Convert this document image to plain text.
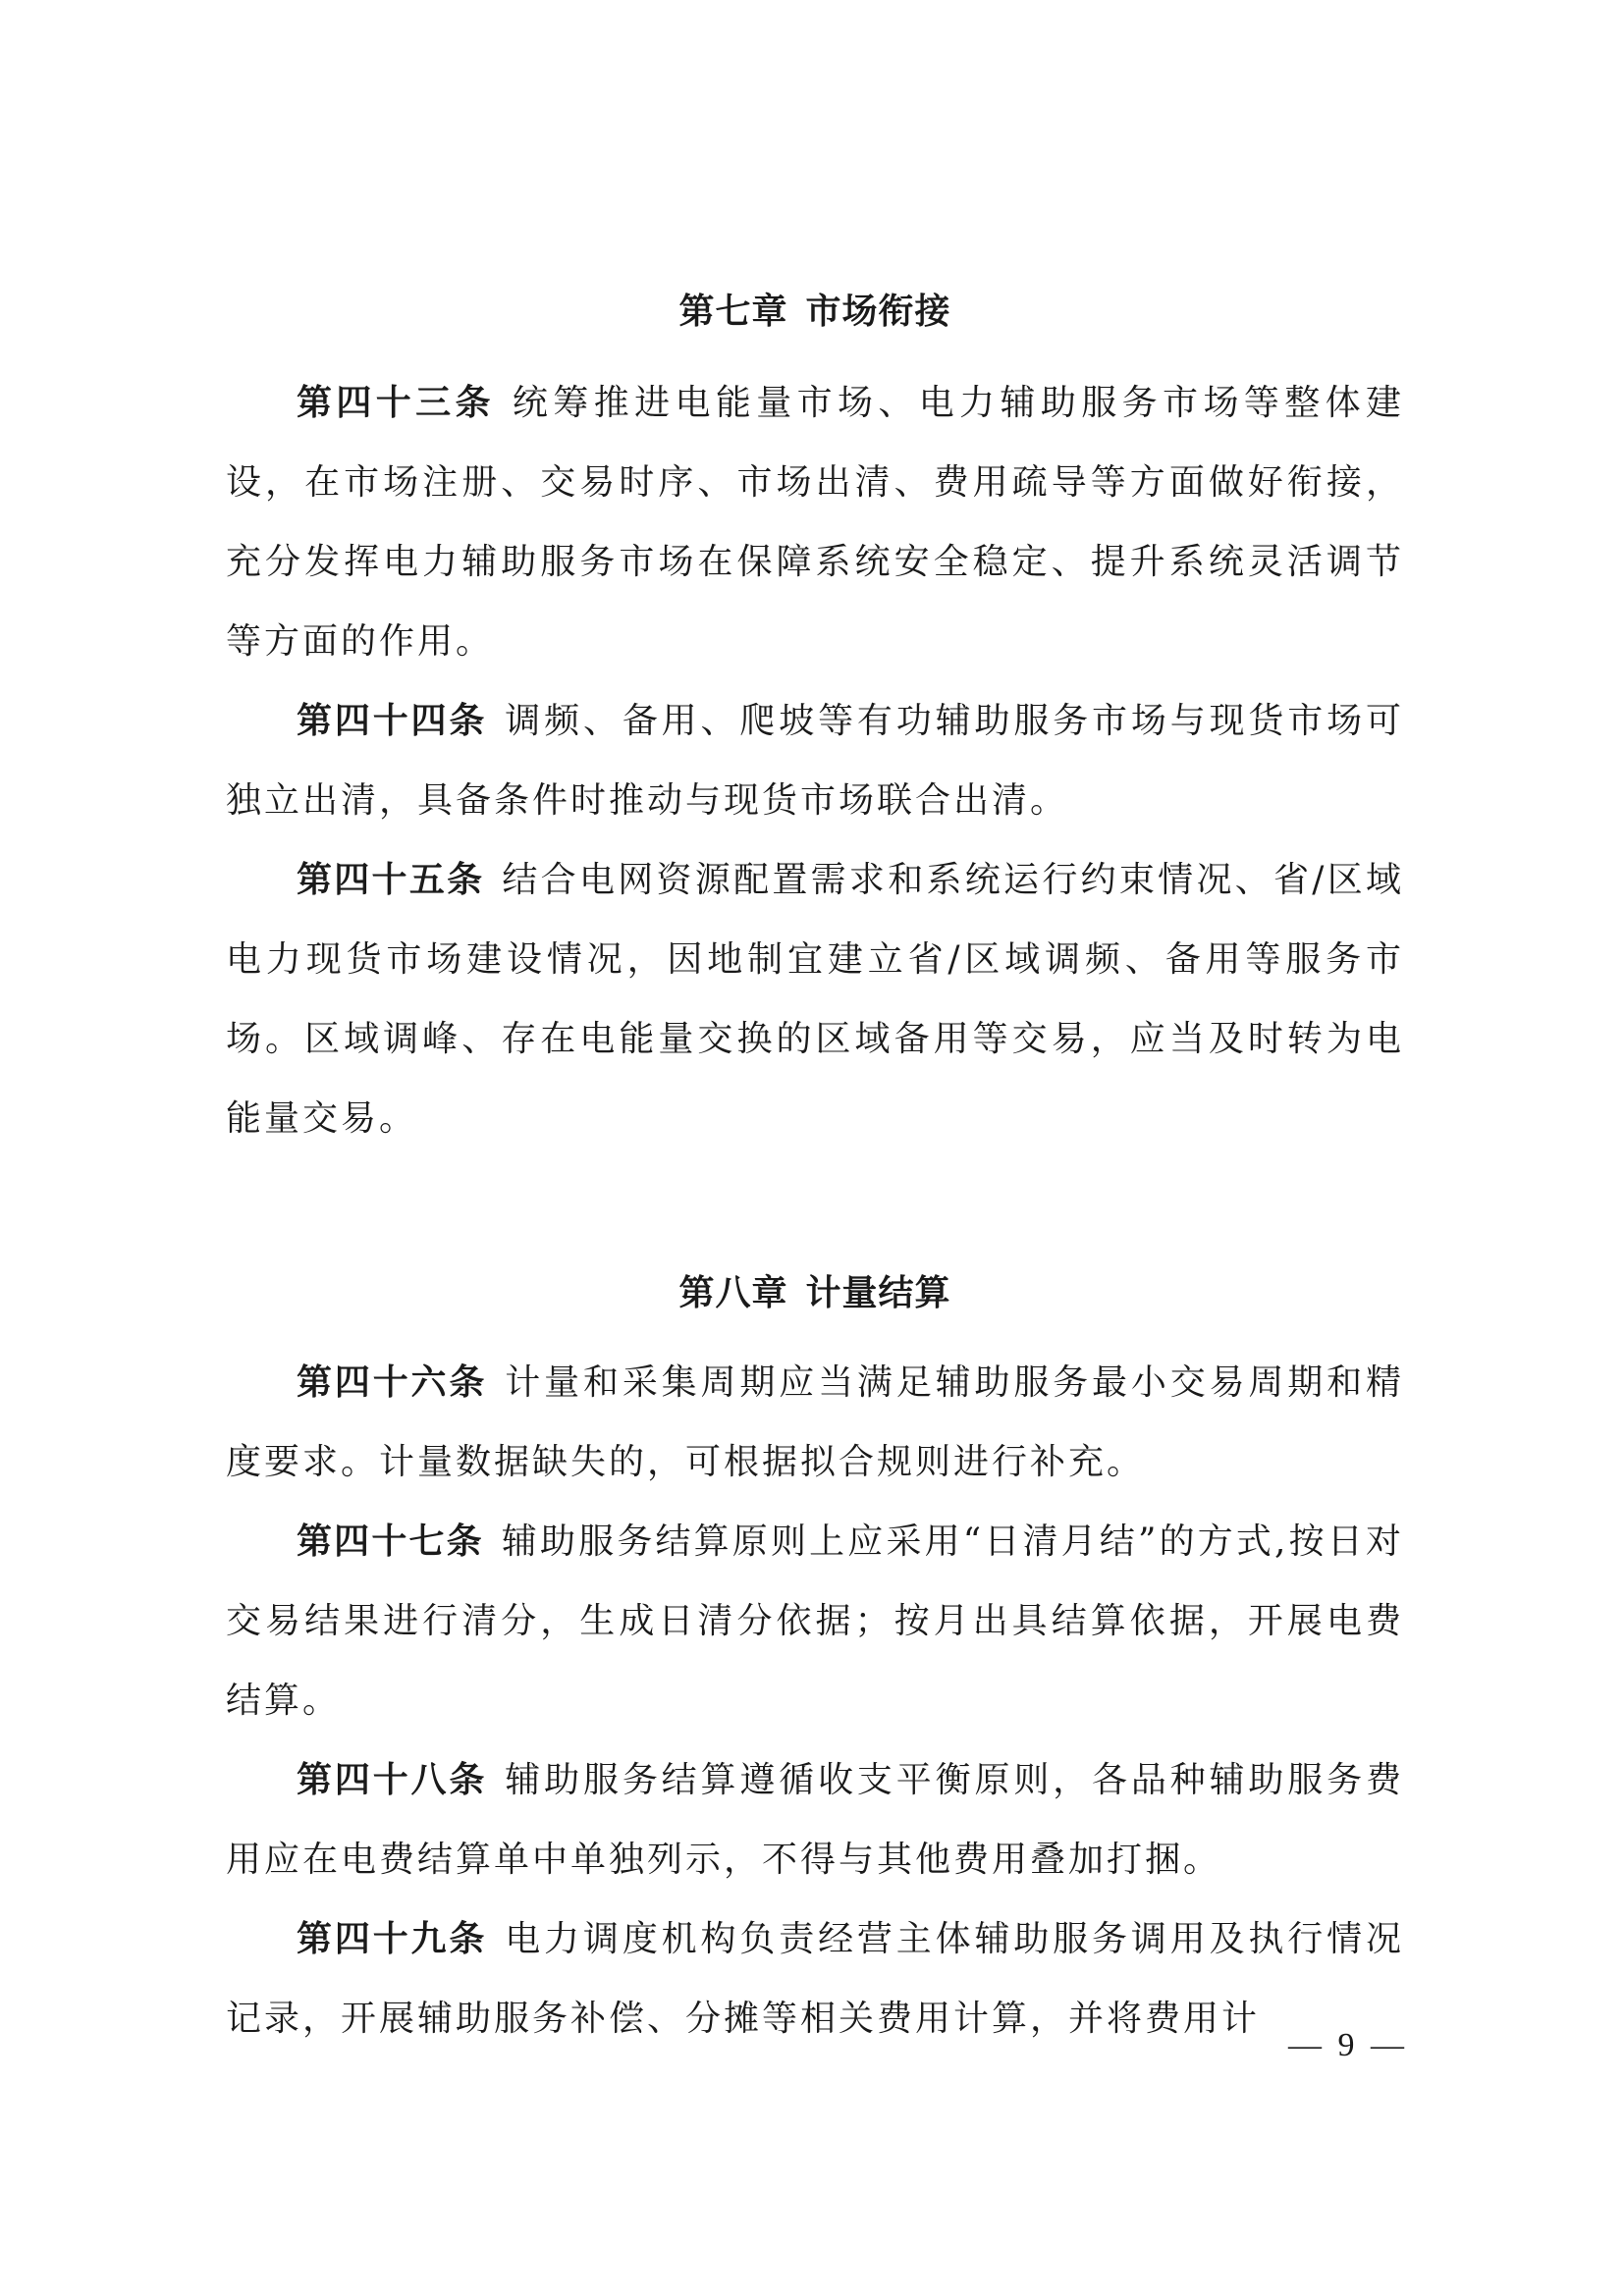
第七章 市场衔接

第四十三条 统筹推进电能量市场、电力辅助服务市场等整体建设，在市场注册、交易时序、市场出清、费用疏导等方面做好衔接，充分发挥电力辅助服务市场在保障系统安全稳定、提升系统灵活调节等方面的作用。

第四十四条 调频、备用、爬坡等有功辅助服务市场与现货市场可独立出清，具备条件时推动与现货市场联合出清。

第四十五条 结合电网资源配置需求和系统运行约束情况、省/区域电力现货市场建设情况，因地制宜建立省/区域调频、备用等服务市场。区域调峰、存在电能量交换的区域备用等交易，应当及时转为电能量交易。

第八章 计量结算

第四十六条 计量和采集周期应当满足辅助服务最小交易周期和精度要求。计量数据缺失的，可根据拟合规则进行补充。

第四十七条 辅助服务结算原则上应采用“日清月结”的方式,按日对交易结果进行清分，生成日清分依据；按月出具结算依据，开展电费结算。

第四十八条 辅助服务结算遵循收支平衡原则，各品种辅助服务费用应在电费结算单中单独列示，不得与其他费用叠加打捆。

第四十九条 电力调度机构负责经营主体辅助服务调用及执行情况记录，开展辅助服务补偿、分摊等相关费用计算，并将费用计

— 9 —
